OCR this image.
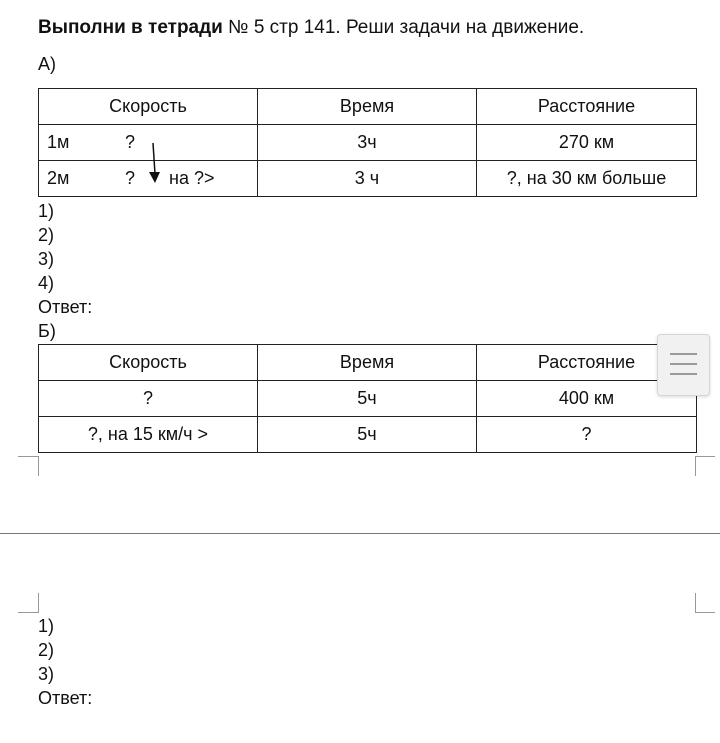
Выполни в тетради № 5 стр 141. Реши задачи на движение.
А)
Скорость	Время	Расстояние

1м ?	3ч	270 км

2м ? на ?>	3 ч	?, на 30 км больше
1)
2)
3)
4)
Ответ:
Б)
Скорость	Время	Расстояние
?	5ч	400 км
?, на 15 км/ч >	5ч	?
1)
2)
3)
Ответ:
